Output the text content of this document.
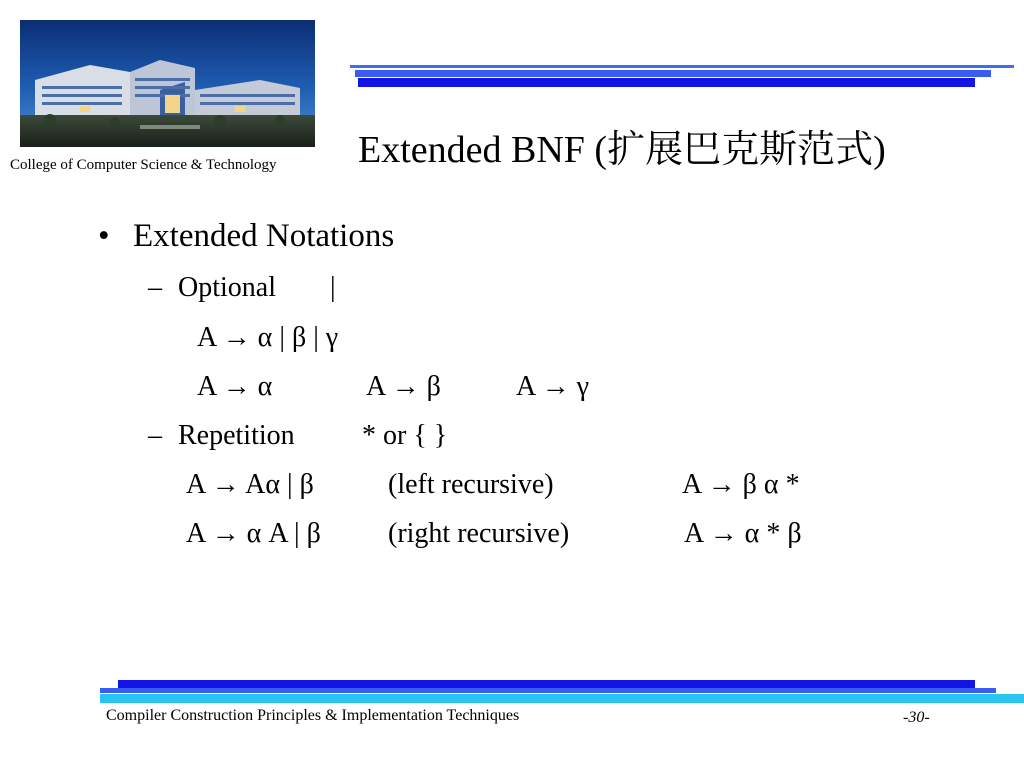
College of Computer Science & Technology Extended BNF (扩展巴克斯范式)
• Extended Notations
– Optional |
A → α | β | γ
A → α	A → β	A → γ
– Repetition * or { }
A → Aα | β	(left recursive)	A → β α *
A → α A | β (right recursive)	A → α * β
Compiler Construction Principles & Implementation Techniques	-30-
